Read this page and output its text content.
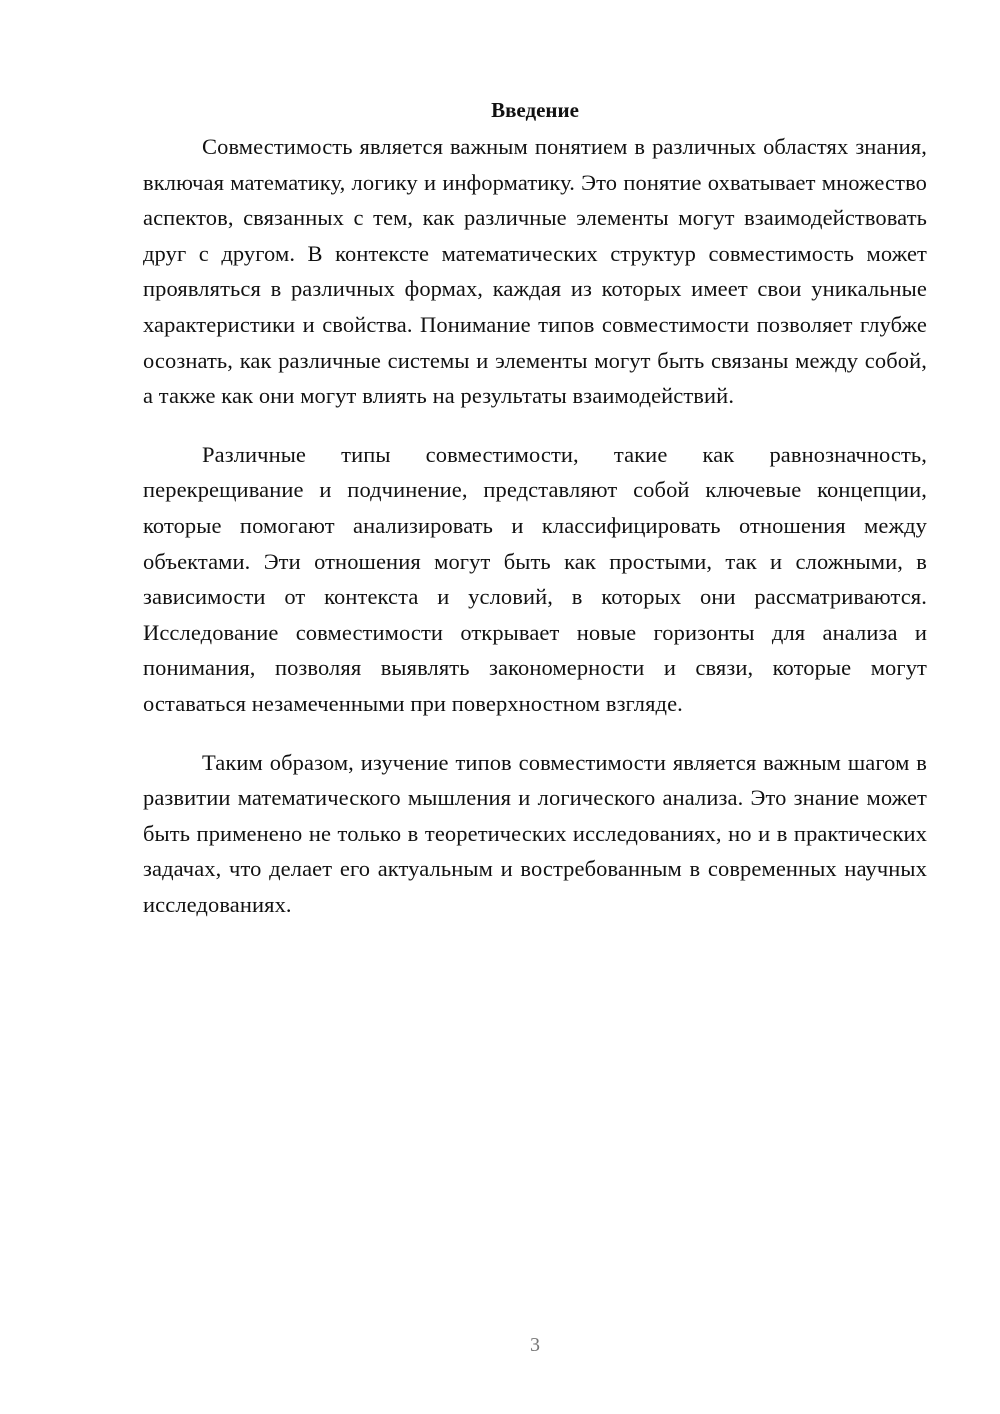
Введение

Совместимость является важным понятием в различных областях знания, включая математику, логику и информатику. Это понятие охватывает множество аспектов, связанных с тем, как различные элементы могут взаимодействовать друг с другом. В контексте математических структур совместимость может проявляться в различных формах, каждая из которых имеет свои уникальные характеристики и свойства. Понимание типов совместимости позволяет глубже осознать, как различные системы и элементы могут быть связаны между собой, а также как они могут влиять на результаты взаимодействий.

Различные типы совместимости, такие как равнозначность, перекрещивание и подчинение, представляют собой ключевые концепции, которые помогают анализировать и классифицировать отношения между объектами. Эти отношения могут быть как простыми, так и сложными, в зависимости от контекста и условий, в которых они рассматриваются. Исследование совместимости открывает новые горизонты для анализа и понимания, позволяя выявлять закономерности и связи, которые могут оставаться незамеченными при поверхностном взгляде.

Таким образом, изучение типов совместимости является важным шагом в развитии математического мышления и логического анализа. Это знание может быть применено не только в теоретических исследованиях, но и в практических задачах, что делает его актуальным и востребованным в современных научных исследованиях.

3
